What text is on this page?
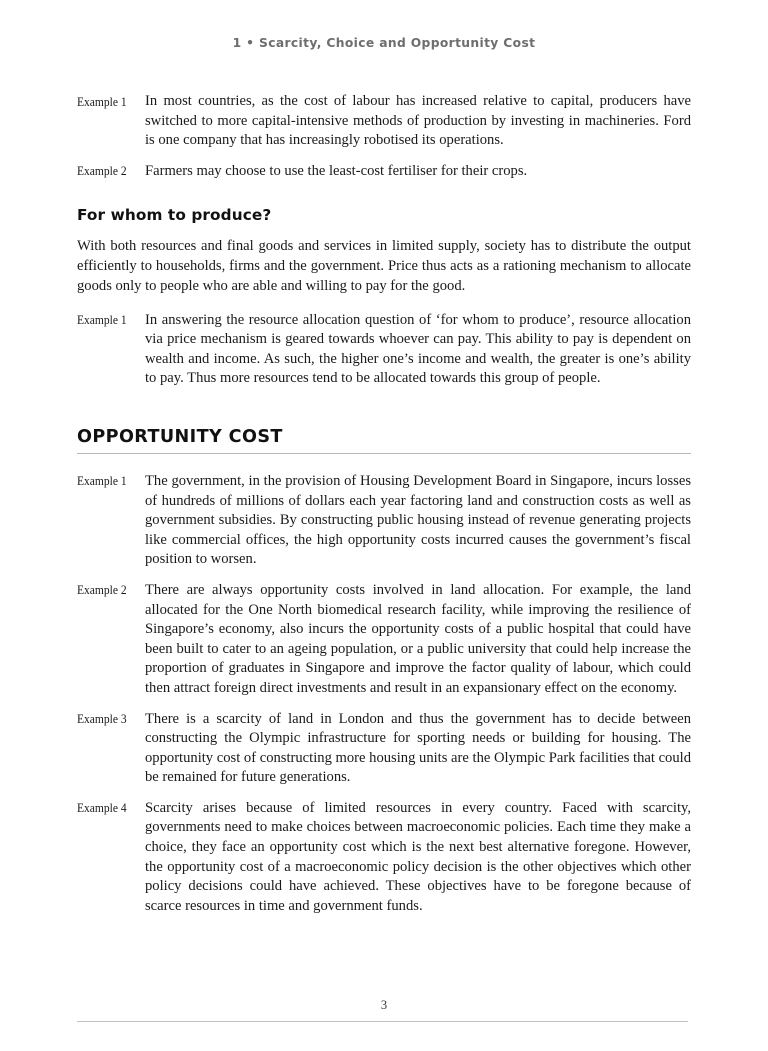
1 • Scarcity, Choice and Opportunity Cost
Example 1	In most countries, as the cost of labour has increased relative to capital, producers have switched to more capital-intensive methods of production by investing in machineries. Ford is one company that has increasingly robotised its operations.
Example 2	Farmers may choose to use the least-cost fertiliser for their crops.
For whom to produce?

With both resources and final goods and services in limited supply, society has to distribute the output efficiently to households, firms and the government. Price thus acts as a rationing mechanism to allocate goods only to people who are able and willing to pay for the good.

Example 1	In answering the resource allocation question of ‘for whom to produce’, resource allocation via price mechanism is geared towards whoever can pay. This ability to pay is dependent on wealth and income. As such, the higher one’s income and wealth, the greater is one’s ability to pay. Thus more resources tend to be allocated towards this group of people.
OPPORTUNITY COST
Example 1	The government, in the provision of Housing Development Board in Singapore, incurs losses of hundreds of millions of dollars each year factoring land and construction costs as well as government subsidies. By constructing public housing instead of revenue generating projects like commercial offices, the high opportunity costs incurred causes the government’s fiscal position to worsen.
Example 2	There are always opportunity costs involved in land allocation. For example, the land allocated for the One North biomedical research facility, while improving the resilience of Singapore’s economy, also incurs the opportunity costs of a public hospital that could have been built to cater to an ageing population, or a public university that could help increase the proportion of graduates in Singapore and improve the factor quality of labour, which could then attract foreign direct investments and result in an expansionary effect on the economy.
Example 3	There is a scarcity of land in London and thus the government has to decide between constructing the Olympic infrastructure for sporting needs or building for housing. The opportunity cost of constructing more housing units are the Olympic Park facilities that could be remained for future generations.
Example 4	Scarcity arises because of limited resources in every country. Faced with scarcity, governments need to make choices between macroeconomic policies. Each time they make a choice, they face an opportunity cost which is the next best alternative foregone. However, the opportunity cost of a macroeconomic policy decision is the other objectives which other policy decisions could have achieved. These objectives have to be foregone because of scarce resources in time and government funds.
3
